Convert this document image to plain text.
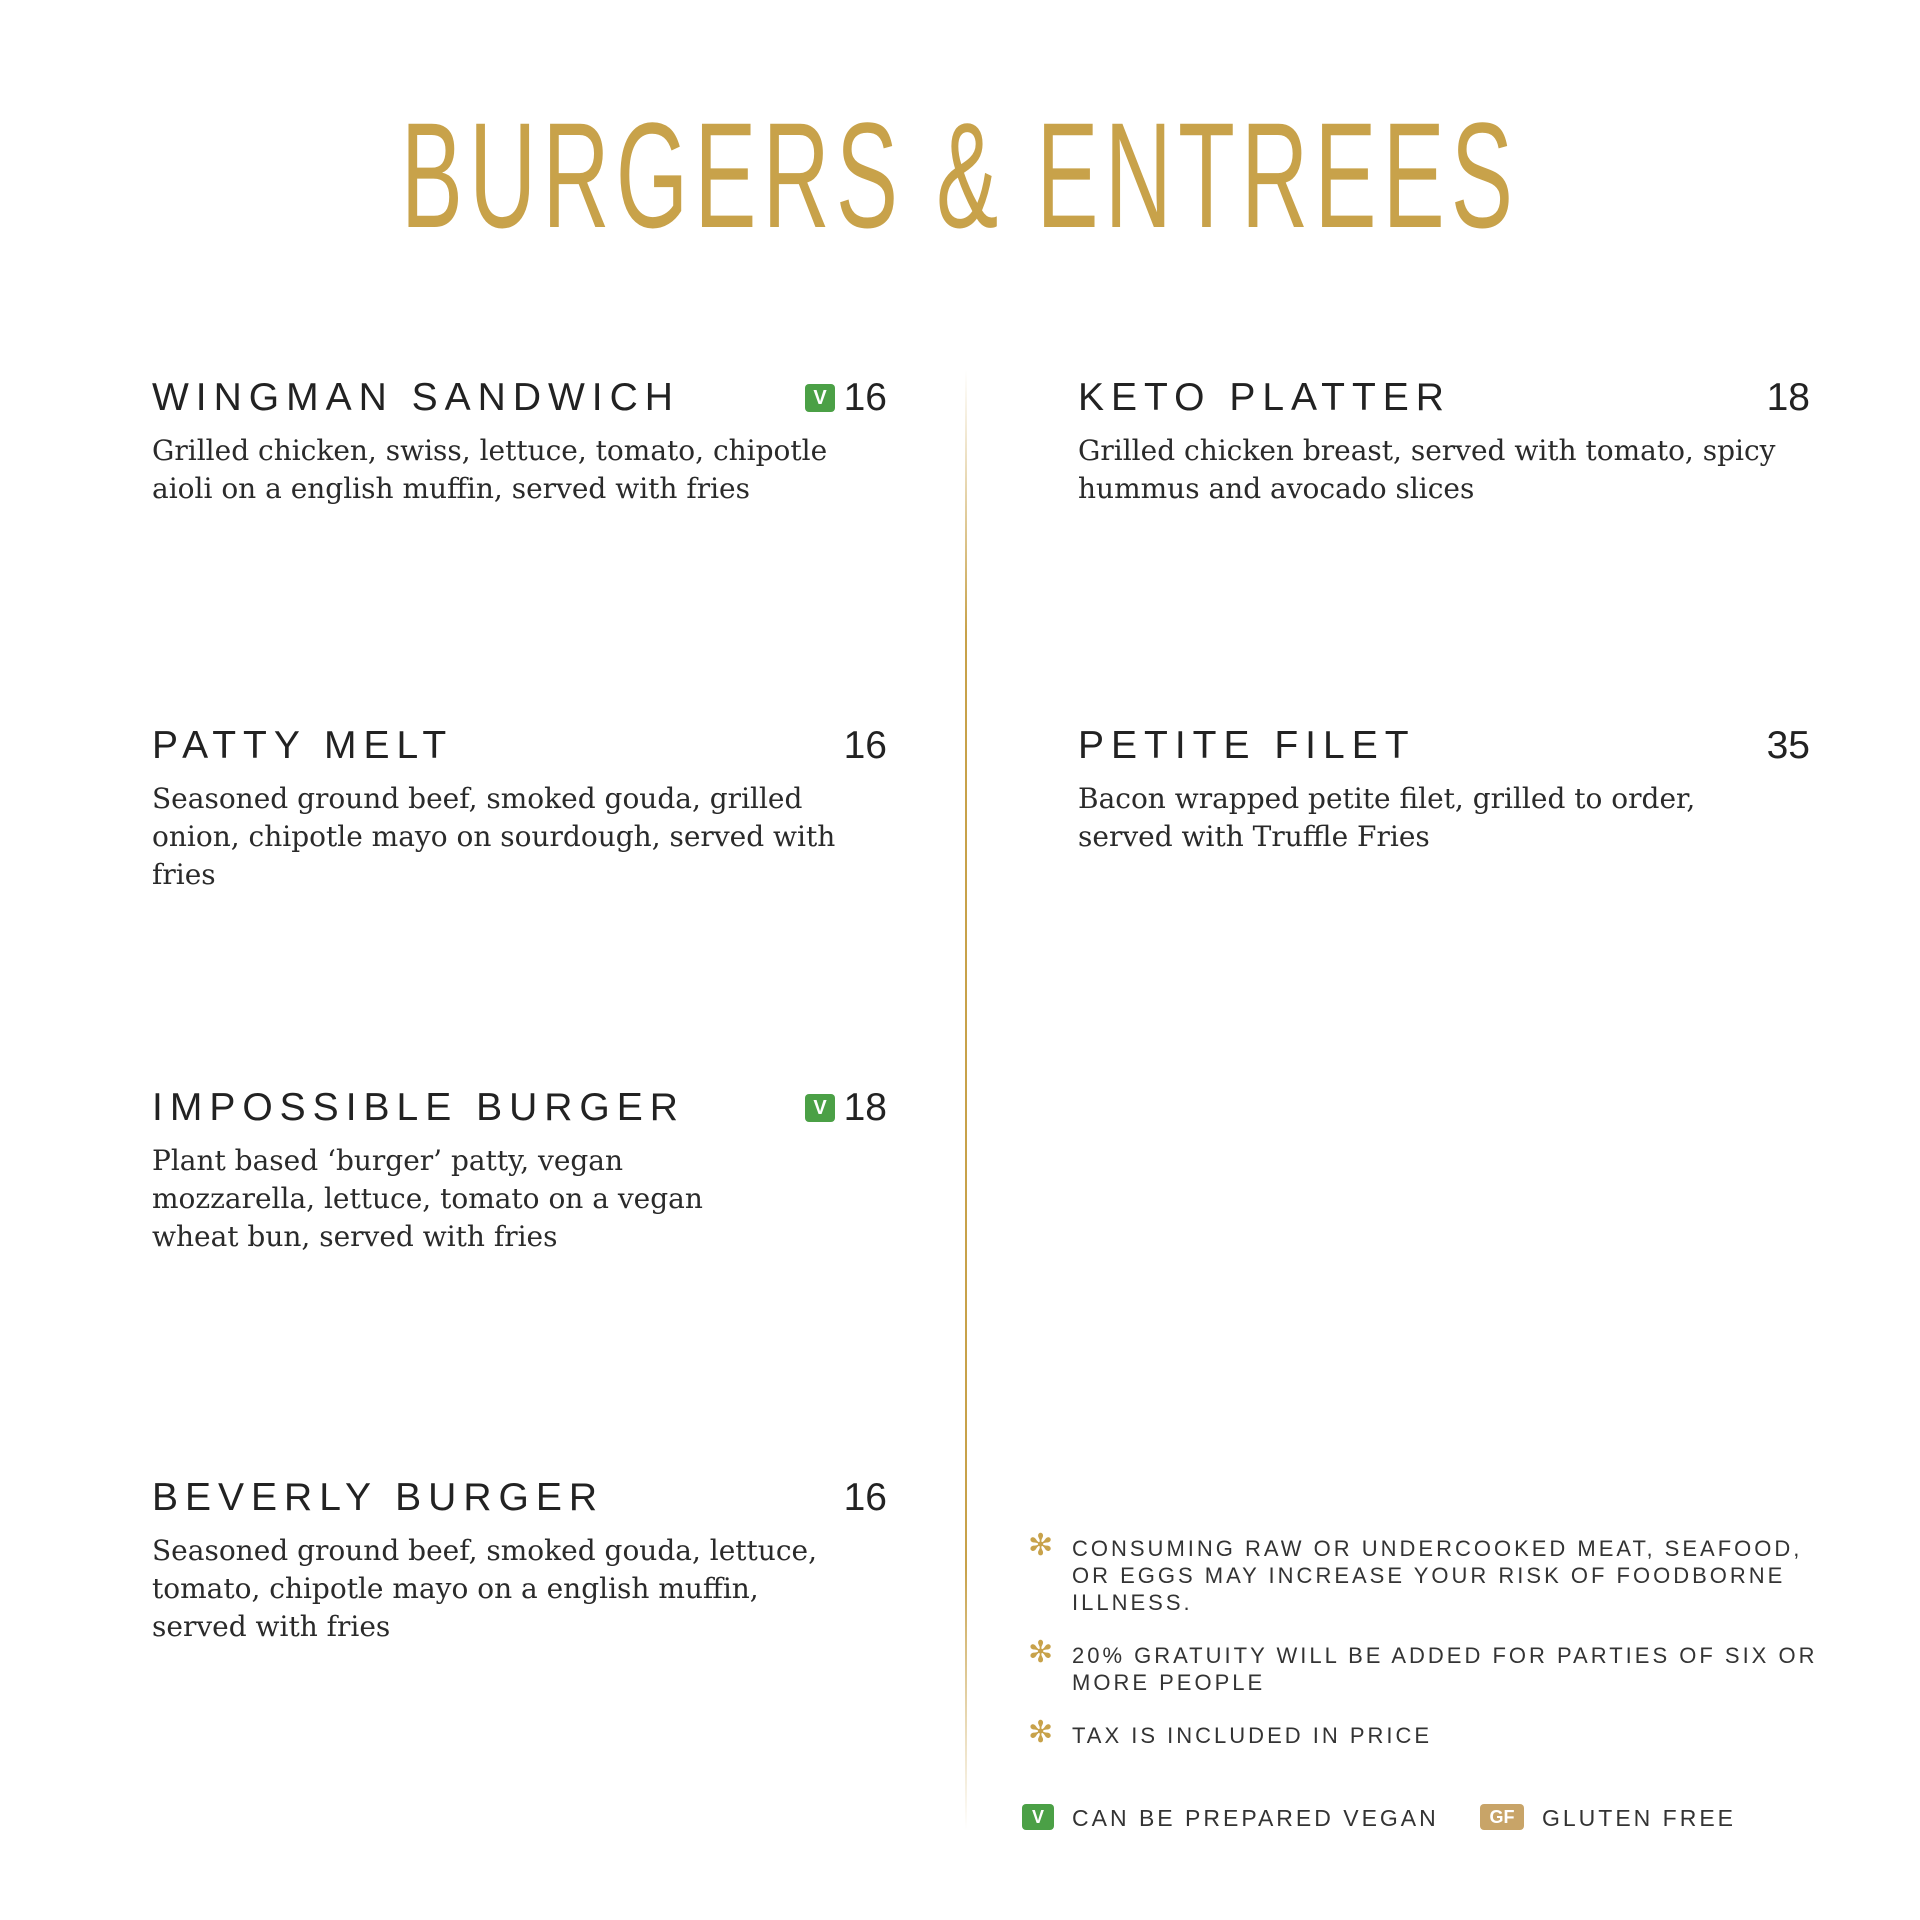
BURGERS & ENTREES
WINGMAN SANDWICH	V 16
Grilled chicken, swiss, lettuce, tomato, chipotle aioli on a english muffin, served with fries
PATTY MELT	16
Seasoned ground beef, smoked gouda, grilled onion, chipotle mayo on sourdough, served with fries
IMPOSSIBLE BURGER	V 18
Plant based ‘burger’ patty, vegan mozzarella, lettuce, tomato on a vegan wheat bun, served with fries
BEVERLY BURGER	16
Seasoned ground beef, smoked gouda, lettuce, tomato, chipotle mayo on a english muffin, served with fries
KETO PLATTER	18
Grilled chicken breast, served with tomato, spicy hummus and avocado slices
PETITE FILET	35
Bacon wrapped petite filet, grilled to order, served with Truffle Fries
✻ CONSUMING RAW OR UNDERCOOKED MEAT, SEAFOOD, OR EGGS MAY INCREASE YOUR RISK OF FOODBORNE ILLNESS.
✻ 20% GRATUITY WILL BE ADDED FOR PARTIES OF SIX OR MORE PEOPLE
✻ TAX IS INCLUDED IN PRICE
V	CAN BE PREPARED VEGAN	GF	GLUTEN FREE
